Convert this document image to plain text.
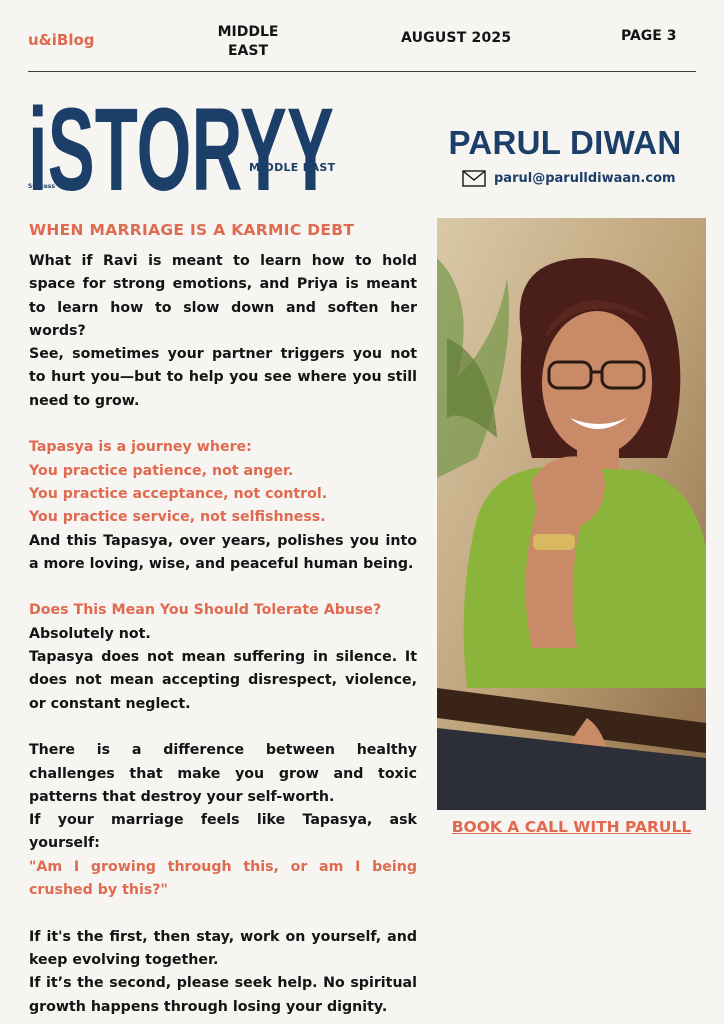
u&iBlog	MIDDLE EAST
AUGUST 2025	PAGE 3
iSTORYY
MIDDLE EAST
Success
PARUL DIWAN
parul@parulldiwaan.com
BOOK A CALL WITH PARULL
WHEN MARRIAGE IS A KARMIC DEBT

What if Ravi is meant to learn how to hold space for strong emotions, and Priya is meant to learn how to slow down and soften her words?

See, sometimes your partner triggers you not to hurt you—but to help you see where you still need to grow.

Tapasya is a journey where:

You practice patience, not anger.

You practice acceptance, not control.

You practice service, not selfishness.

And this Tapasya, over years, polishes you into a more loving, wise, and peaceful human being.

Does This Mean You Should Tolerate Abuse?

Absolutely not.

Tapasya does not mean suffering in silence. It does not mean accepting disrespect, violence, or constant neglect.

There is a difference between healthy challenges that make you grow and toxic patterns that destroy your self-worth.

If your marriage feels like Tapasya, ask yourself:

"Am I growing through this, or am I being crushed by this?"

If it's the first, then stay, work on yourself, and keep evolving together.

If it’s the second, please seek help. No spiritual growth happens through losing your dignity.
